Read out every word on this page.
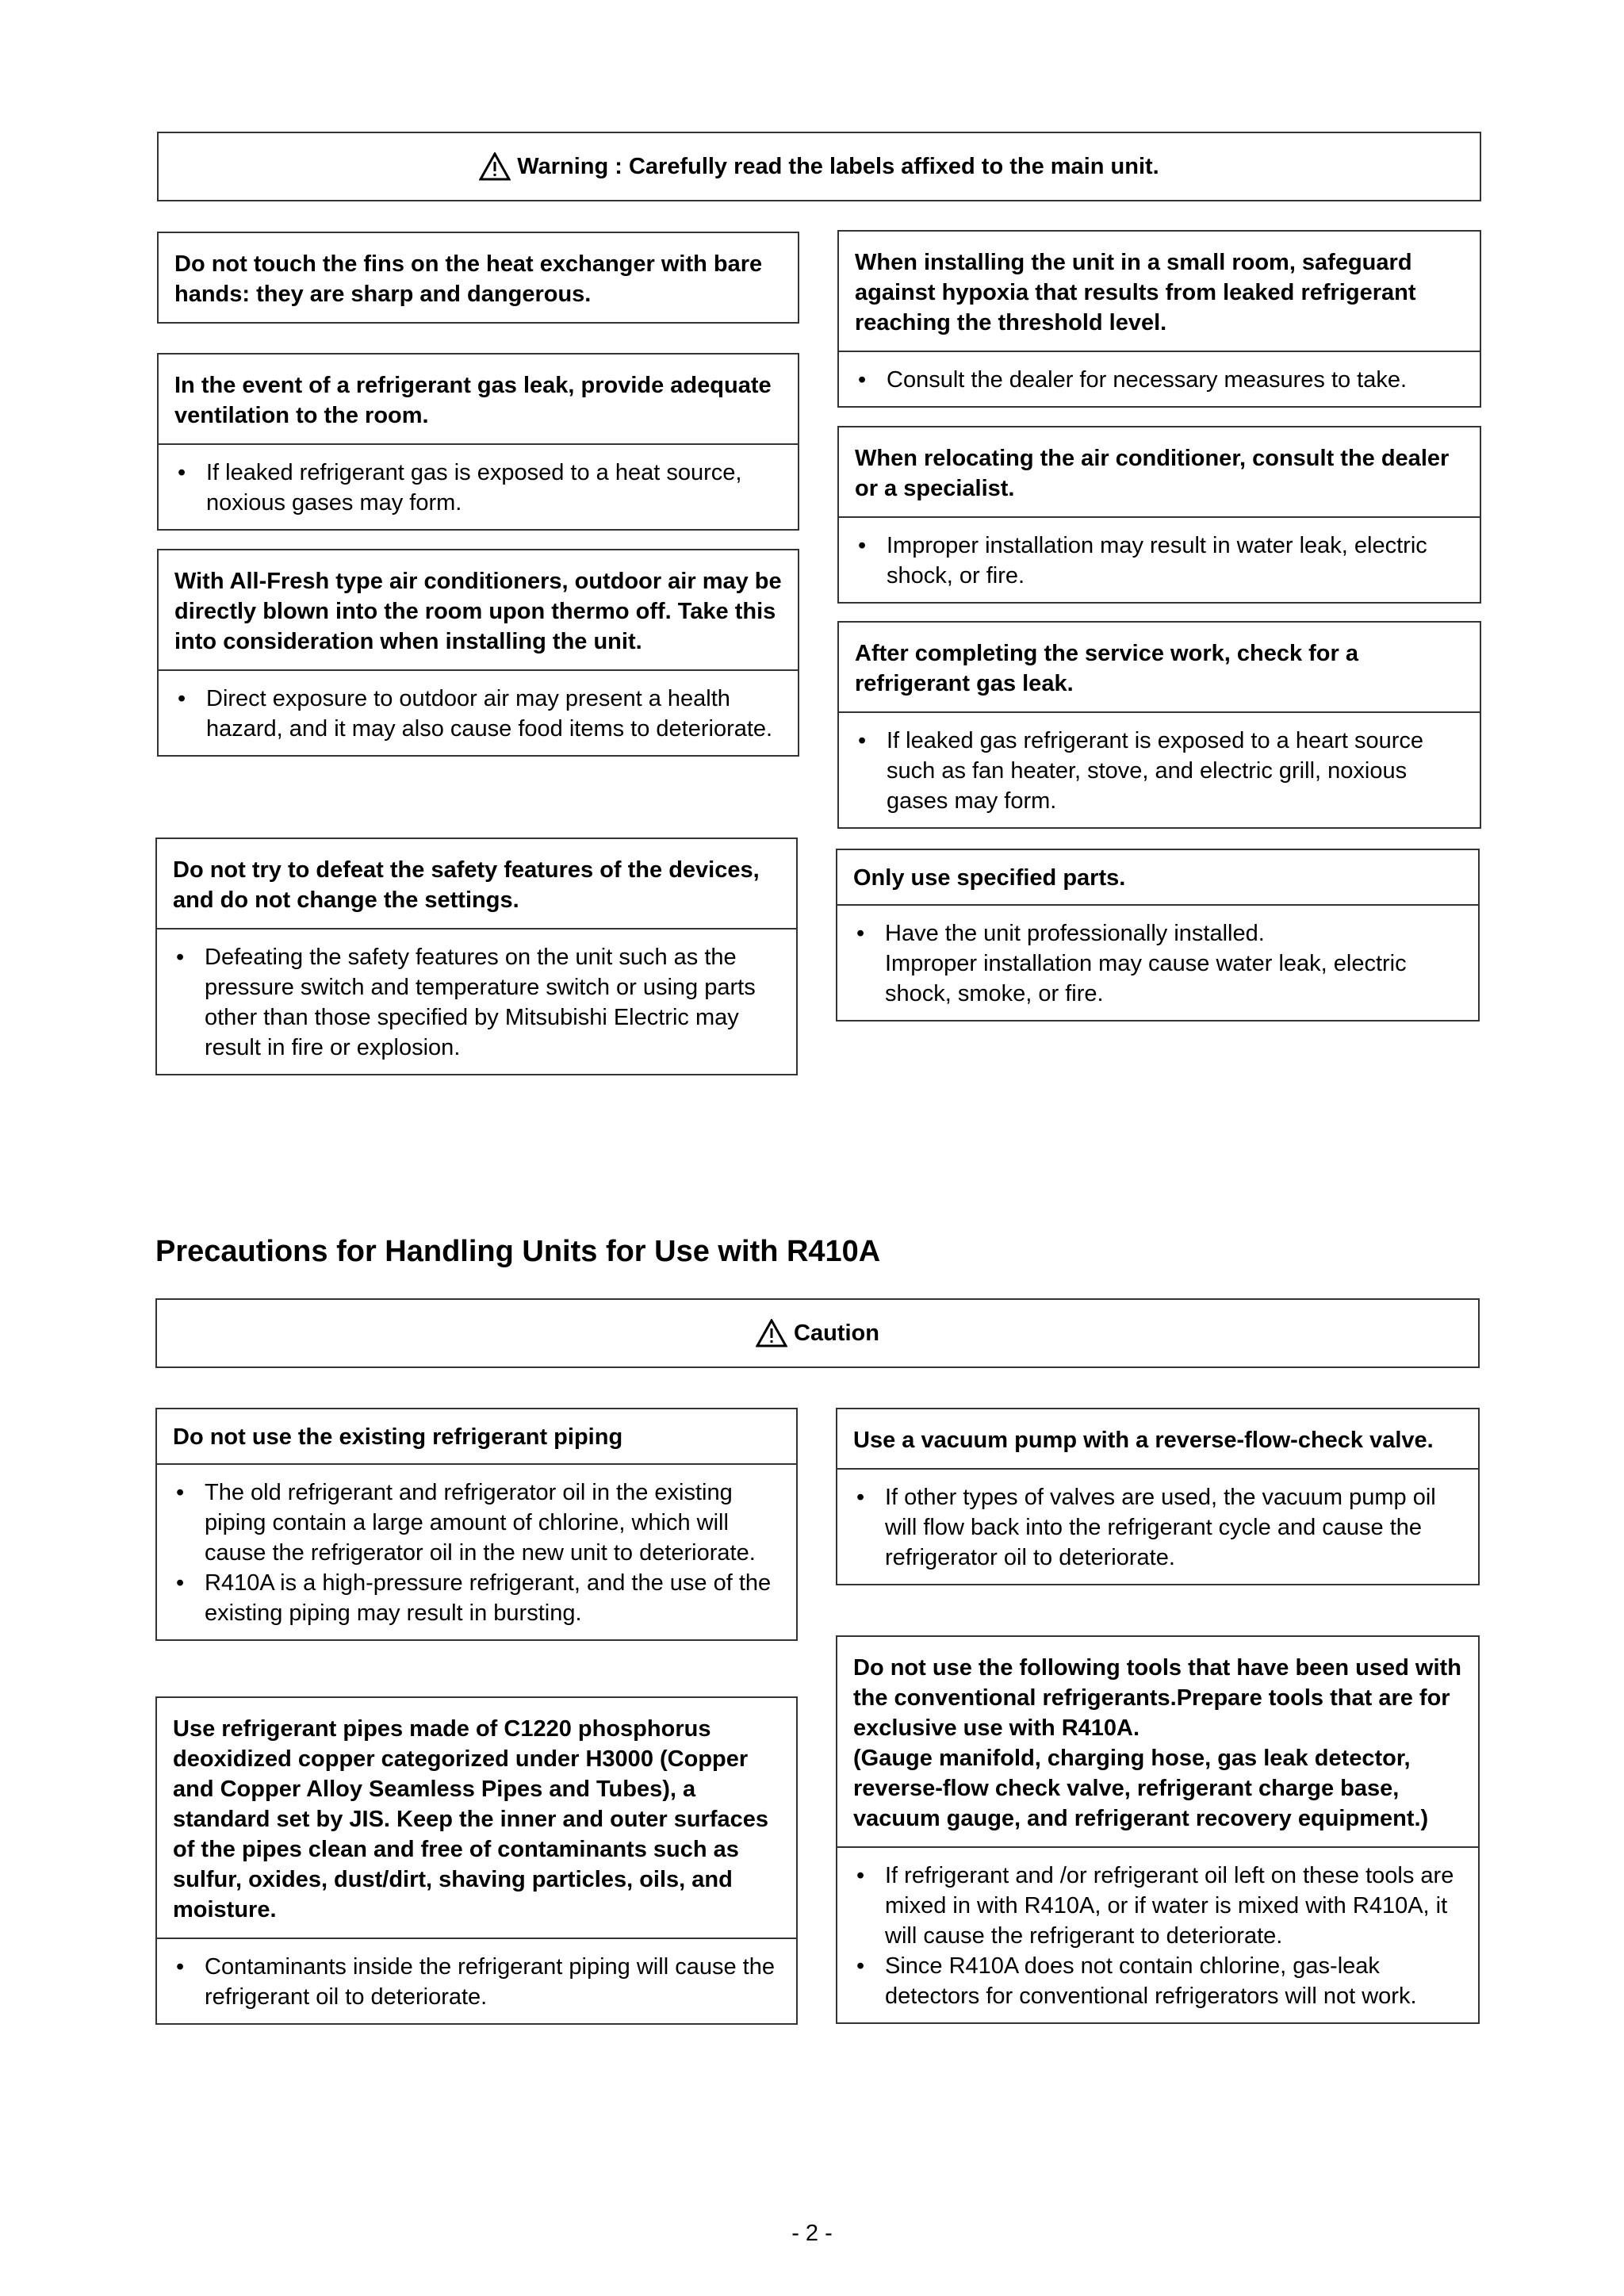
Warning : Carefully read the labels affixed to the main unit.
Do not touch the fins on the heat exchanger with bare hands: they are sharp and dangerous.
In the event of a refrigerant gas leak, provide adequate ventilation to the room.
• If leaked refrigerant gas is exposed to a heat source, noxious gases may form.
With All-Fresh type air conditioners, outdoor air may be directly blown into the room upon thermo off. Take this into consideration when installing the unit.
• Direct exposure to outdoor air may present a health hazard, and it may also cause food items to deteriorate.
Do not try to defeat the safety features of the devices, and do not change the settings.
• Defeating the safety features on the unit such as the pressure switch and temperature switch or using parts other than those specified by Mitsubishi Electric may result in fire or explosion.
When installing the unit in a small room, safeguard against hypoxia that results from leaked refrigerant reaching the threshold level.
• Consult the dealer for necessary measures to take.
When relocating the air conditioner, consult the dealer or a specialist.
• Improper installation may result in water leak, electric shock, or fire.
After completing the service work, check for a refrigerant gas leak.
• If leaked gas refrigerant is exposed to a heart source such as fan heater, stove, and electric grill, noxious gases may form.
Only use specified parts.
• Have the unit professionally installed.
Improper installation may cause water leak, electric shock, smoke, or fire.
Precautions for Handling Units for Use with R410A
Caution
Do not use the existing refrigerant piping
• The old refrigerant and refrigerator oil in the existing piping contain a large amount of chlorine, which will cause the refrigerator oil in the new unit to deteriorate.
• R410A is a high-pressure refrigerant, and the use of the existing piping may result in bursting.
Use refrigerant pipes made of C1220 phosphorus deoxidized copper categorized under H3000 (Copper and Copper Alloy Seamless Pipes and Tubes), a standard set by JIS. Keep the inner and outer surfaces of the pipes clean and free of contaminants such as sulfur, oxides, dust/dirt, shaving particles, oils, and moisture.
• Contaminants inside the refrigerant piping will cause the refrigerant oil to deteriorate.
Use a vacuum pump with a reverse-flow-check valve.
• If other types of valves are used, the vacuum pump oil will flow back into the refrigerant cycle and cause the refrigerator oil to deteriorate.
Do not use the following tools that have been used with the conventional refrigerants.Prepare tools that are for exclusive use with R410A.
(Gauge manifold, charging hose, gas leak detector, reverse-flow check valve, refrigerant charge base, vacuum gauge, and refrigerant recovery equipment.)
• If refrigerant and /or refrigerant oil left on these tools are mixed in with R410A, or if water is mixed with R410A, it will cause the refrigerant to deteriorate.
• Since R410A does not contain chlorine, gas-leak detectors for conventional refrigerators will not work.
- 2 -
